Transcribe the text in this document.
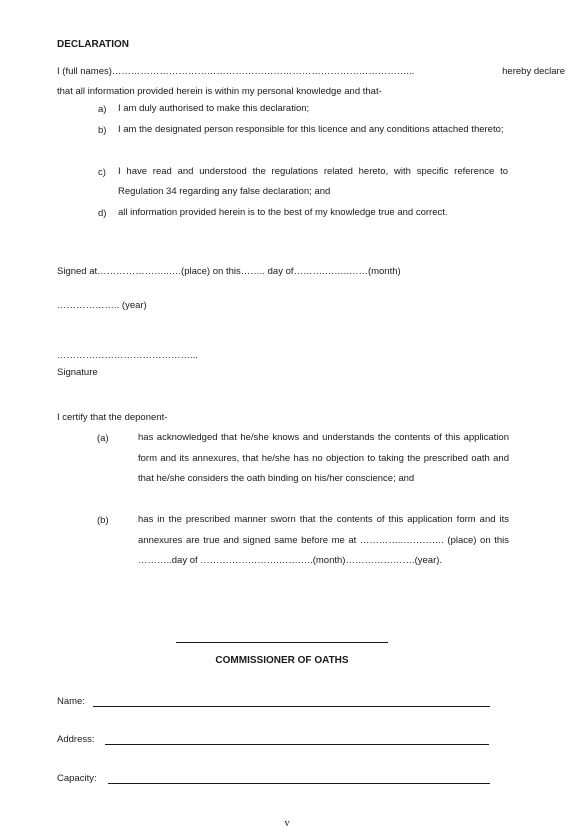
DECLARATION
I (full names)…………………………………………………………………………………...	hereby declare
that all information provided herein is within my personal knowledge and that-
a) I am duly authorised to make this declaration;
b) I am the designated person responsible for this licence and any conditions attached thereto;
c) I have read and understood the regulations related hereto, with specific reference to Regulation 34 regarding any false declaration; and
d) all information provided herein is to the best of my knowledge true and correct.
Signed at…………………..….(place) on this…….. day of……….……..……(month)
……………….. (year)
……………………………………...
Signature
I certify that the deponent-
(a)	has acknowledged that he/she knows and understands the contents of this application form and its annexures, that he/she has no objection to taking the prescribed oath and that he/she considers the oath binding on his/her conscience; and
(b)	has in the prescribed manner sworn that the contents of this application form and its annexures are true and signed same before me at …………..…………. (place) on this ………..day of …………………….…….….(month)………………….(year).
COMMISSIONER OF OATHS
Name:
Address:
Capacity:
v
